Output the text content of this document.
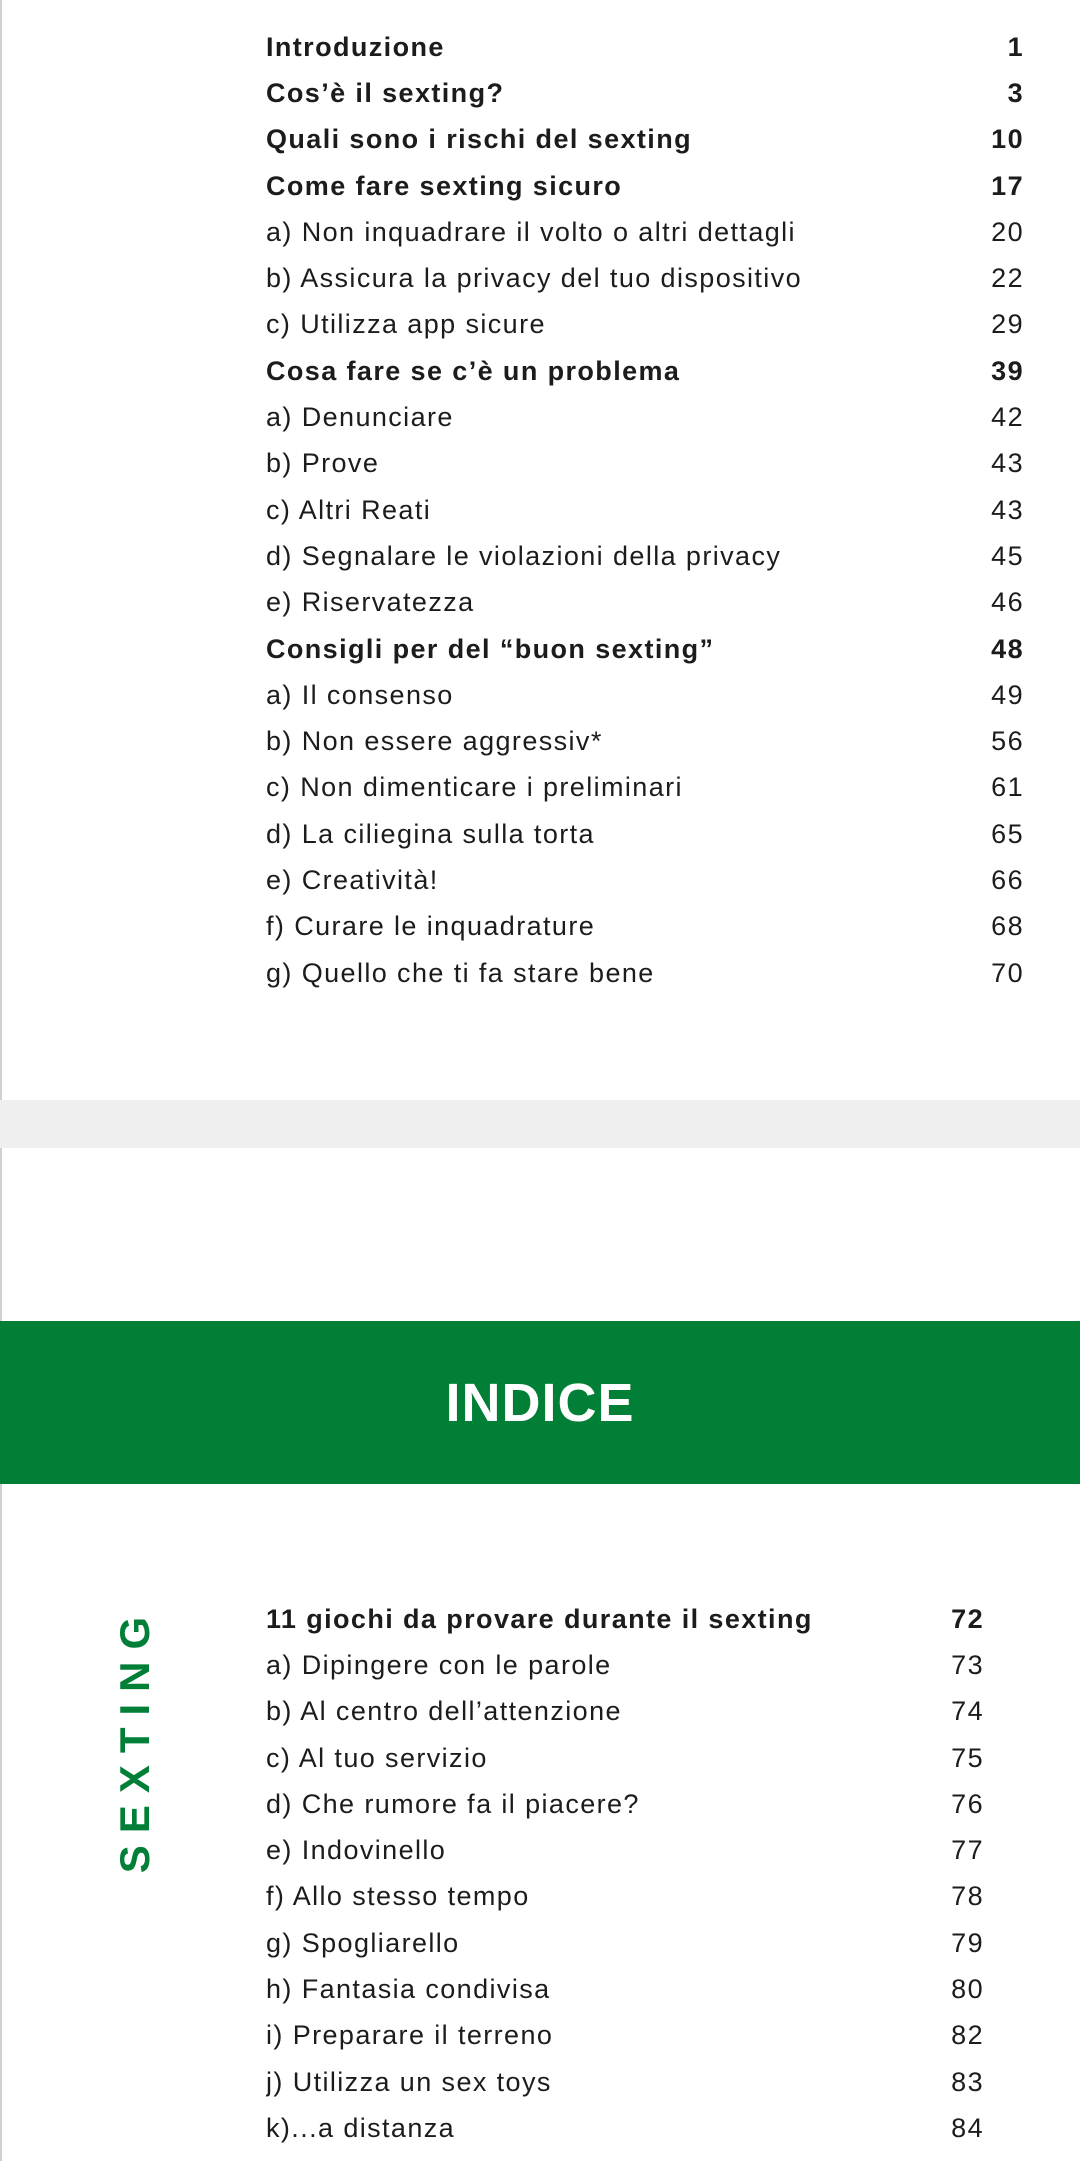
Introduzione	1
Cos’è il sexting?	3
Quali sono i rischi del sexting	10
Come fare sexting sicuro	17
a) Non inquadrare il volto o altri dettagli	20
b) Assicura la privacy del tuo dispositivo	22
c) Utilizza app sicure	29
Cosa fare se c’è un problema	39
a) Denunciare	42
b) Prove	43
c) Altri Reati	43
d) Segnalare le violazioni della privacy	45
e) Riservatezza	46
Consigli per del “buon sexting”	48
a) Il consenso	49
b) Non essere aggressiv*	56
c) Non dimenticare i preliminari	61
d) La ciliegina sulla torta	65
e) Creatività!	66
f) Curare le inquadrature	68
g) Quello che ti fa stare bene	70
INDICE
SEXTING	11 giochi da provare durante il sexting	72
a) Dipingere con le parole	73
b) Al centro dell’attenzione	74
c) Al tuo servizio	75
d) Che rumore fa il piacere?	76
e) Indovinello	77
f) Allo stesso tempo	78
g) Spogliarello	79
h) Fantasia condivisa	80
i) Preparare il terreno	82
j) Utilizza un sex toys	83
k)...a distanza	84
